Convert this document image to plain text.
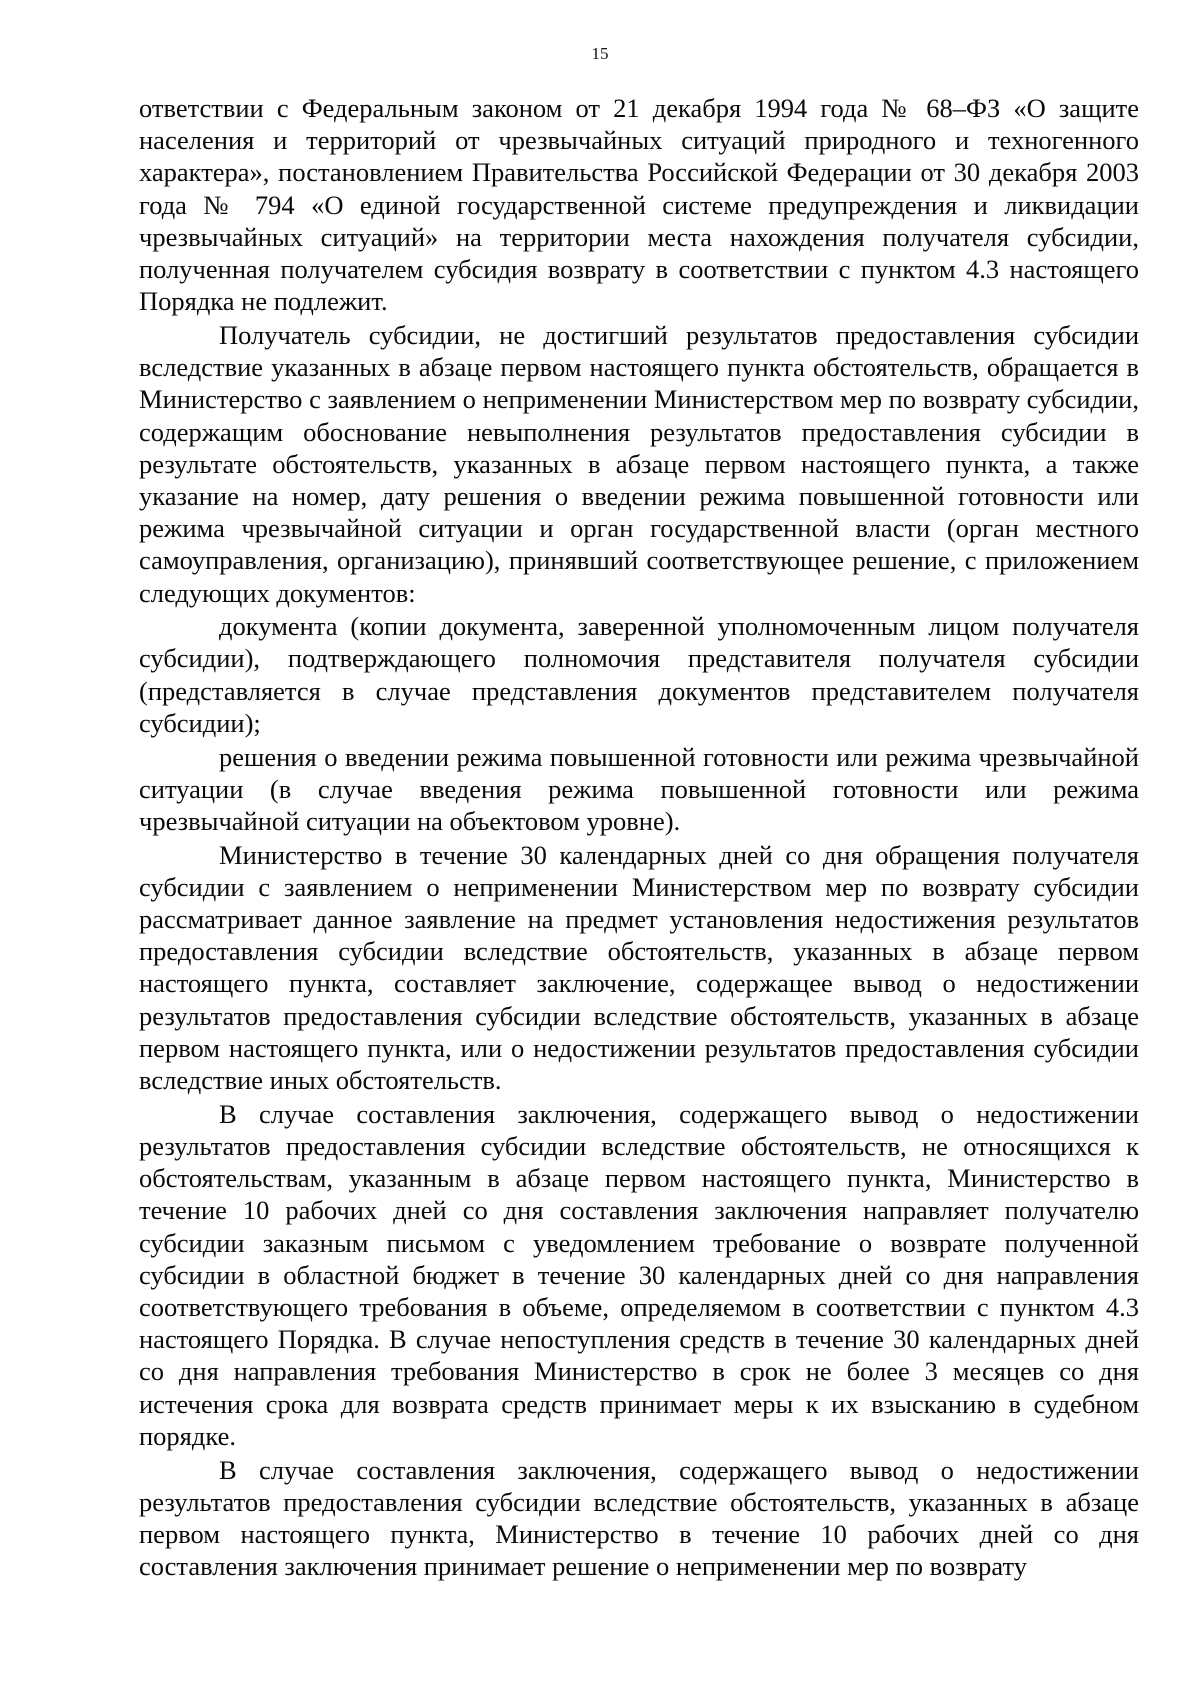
15

ответствии с Федеральным законом от 21 декабря 1994 года № 68–ФЗ «О защите населения и территорий от чрезвычайных ситуаций природного и техногенного характера», постановлением Правительства Российской Федерации от 30 декабря 2003 года № 794 «О единой государственной системе предупреждения и ликвидации чрезвычайных ситуаций» на территории места нахождения получателя субсидии, полученная получателем субсидия возврату в соответствии с пунктом 4.3 настоящего Порядка не подлежит.

Получатель субсидии, не достигший результатов предоставления субсидии вследствие указанных в абзаце первом настоящего пункта обстоятельств, обращается в Министерство с заявлением о неприменении Министерством мер по возврату субсидии, содержащим обоснование невыполнения результатов предоставления субсидии в результате обстоятельств, указанных в абзаце первом настоящего пункта, а также указание на номер, дату решения о введении режима повышенной готовности или режима чрезвычайной ситуации и орган государственной власти (орган местного самоуправления, организацию), принявший соответствующее решение, с приложением следующих документов:

документа (копии документа, заверенной уполномоченным лицом получателя субсидии), подтверждающего полномочия представителя получателя субсидии (представляется в случае представления документов представителем получателя субсидии);

решения о введении режима повышенной готовности или режима чрезвычайной ситуации (в случае введения режима повышенной готовности или режима чрезвычайной ситуации на объектовом уровне).

Министерство в течение 30 календарных дней со дня обращения получателя субсидии с заявлением о неприменении Министерством мер по возврату субсидии рассматривает данное заявление на предмет установления недостижения результатов предоставления субсидии вследствие обстоятельств, указанных в абзаце первом настоящего пункта, составляет заключение, содержащее вывод о недостижении результатов предоставления субсидии вследствие обстоятельств, указанных в абзаце первом настоящего пункта, или о недостижении результатов предоставления субсидии вследствие иных обстоятельств.

В случае составления заключения, содержащего вывод о недостижении результатов предоставления субсидии вследствие обстоятельств, не относящихся к обстоятельствам, указанным в абзаце первом настоящего пункта, Министерство в течение 10 рабочих дней со дня составления заключения направляет получателю субсидии заказным письмом с уведомлением требование о возврате полученной субсидии в областной бюджет в течение 30 календарных дней со дня направления соответствующего требования в объеме, определяемом в соответствии с пунктом 4.3 настоящего Порядка. В случае непоступления средств в течение 30 календарных дней со дня направления требования Министерство в срок не более 3 месяцев со дня истечения срока для возврата средств принимает меры к их взысканию в судебном порядке.

В случае составления заключения, содержащего вывод о недостижении результатов предоставления субсидии вследствие обстоятельств, указанных в абзаце первом настоящего пункта, Министерство в течение 10 рабочих дней со дня составления заключения принимает решение о неприменении мер по возврату
